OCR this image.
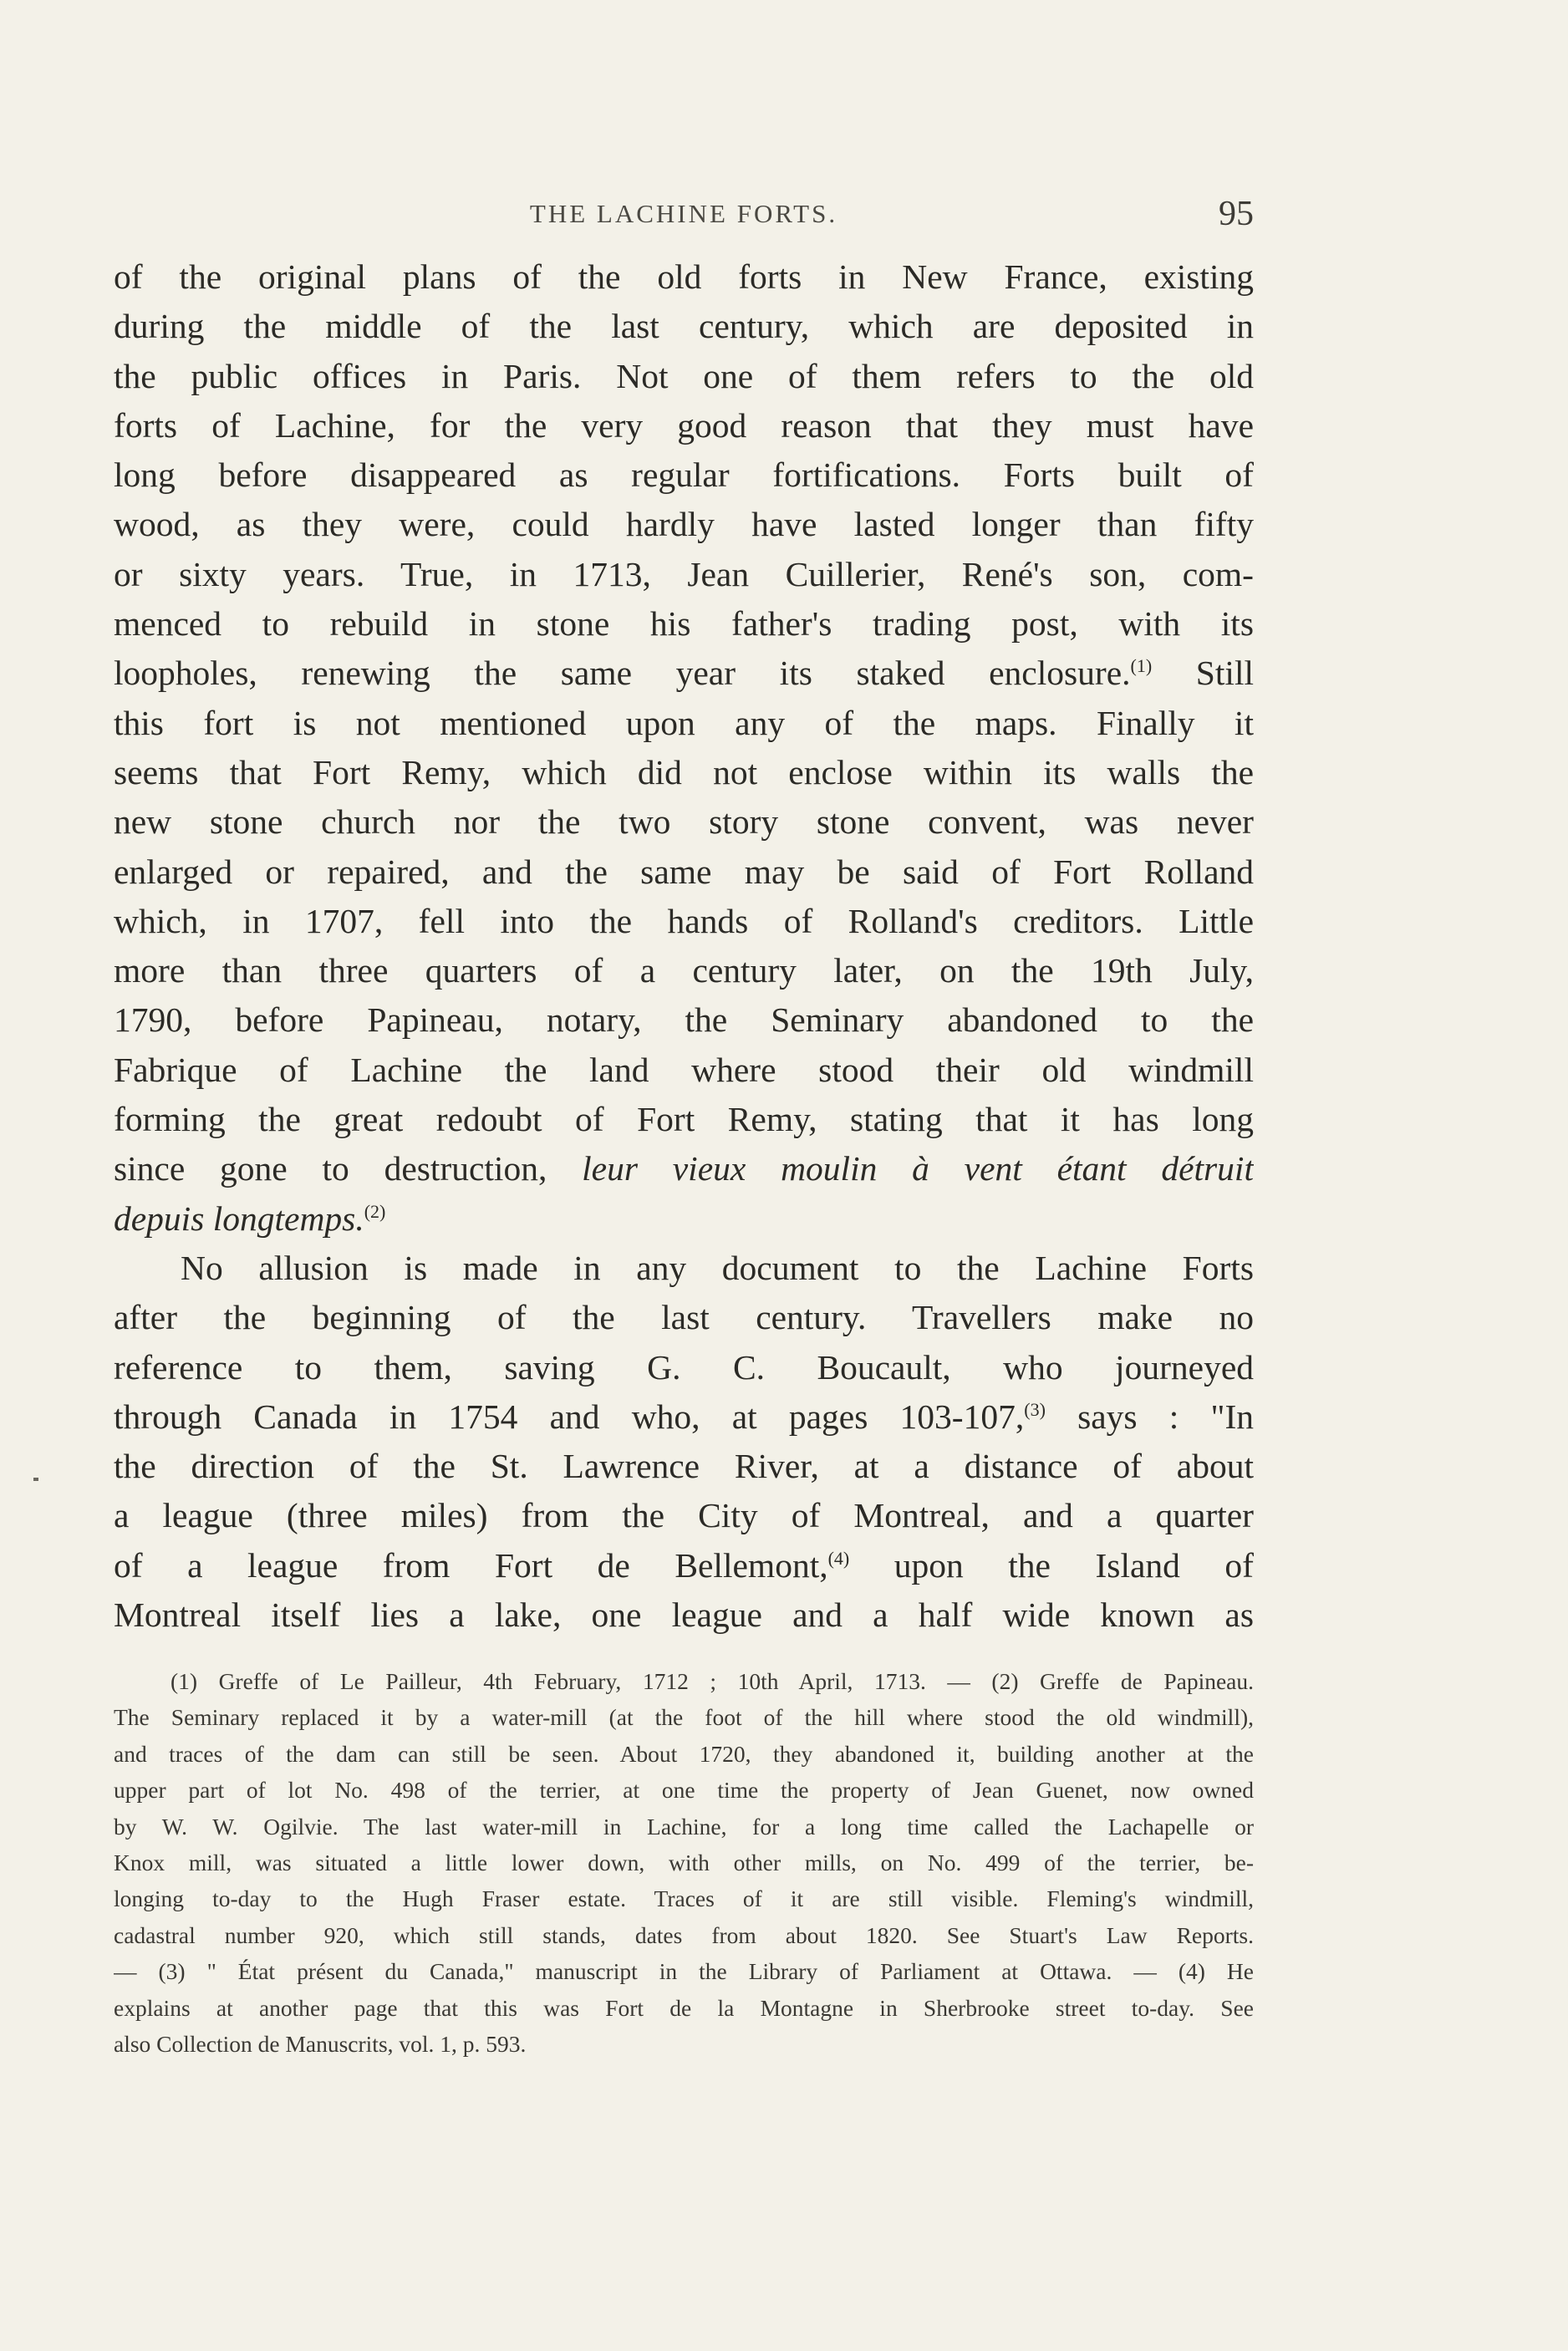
THE LACHINE FORTS.	95
of the original plans of the old forts in New France, existing
during the middle of the last century, which are deposited in
the public offices in Paris. Not one of them refers to the old
forts of Lachine, for the very good reason that they must have
long before disappeared as regular fortifications. Forts built of
wood, as they were, could hardly have lasted longer than fifty
or sixty years. True, in 1713, Jean Cuillerier, René's son, com-
menced to rebuild in stone his father's trading post, with its
loopholes, renewing the same year its staked enclosure.$^{(1)}$ Still
this fort is not mentioned upon any of the maps. Finally it
seems that Fort Remy, which did not enclose within its walls the
new stone church nor the two story stone convent, was never
enlarged or repaired, and the same may be said of Fort Rolland
which, in 1707, fell into the hands of Rolland's creditors. Little
more than three quarters of a century later, on the 19th July,
1790, before Papineau, notary, the Seminary abandoned to the
Fabrique of Lachine the land where stood their old windmill
forming the great redoubt of Fort Remy, stating that it has long
since gone to destruction, leur vieux moulin à vent étant détruit
depuis longtemps.$^{(2)}$
No allusion is made in any document to the Lachine Forts
after the beginning of the last century. Travellers make no
reference to them, saving G. C. Boucault, who journeyed
through Canada in 1754 and who, at pages 103-107,$^{(3)}$ says : "In
the direction of the St. Lawrence River, at a distance of about
a league (three miles) from the City of Montreal, and a quarter
of a league from Fort de Bellemont,$^{(4)}$ upon the Island of
Montreal itself lies a lake, one league and a half wide known as
(1) Greffe of Le Pailleur, 4th February, 1712 ; 10th April, 1713. — (2) Greffe de Papineau.
The Seminary replaced it by a water-mill (at the foot of the hill where stood the old windmill),
and traces of the dam can still be seen. About 1720, they abandoned it, building another at the
upper part of lot No. 498 of the terrier, at one time the property of Jean Guenet, now owned
by W. W. Ogilvie. The last water-mill in Lachine, for a long time called the Lachapelle or
Knox mill, was situated a little lower down, with other mills, on No. 499 of the terrier, be-
longing to-day to the Hugh Fraser estate. Traces of it are still visible. Fleming's windmill,
cadastral number 920, which still stands, dates from about 1820. See Stuart's Law Reports.
— (3) " État présent du Canada," manuscript in the Library of Parliament at Ottawa. — (4) He
explains at another page that this was Fort de la Montagne in Sherbrooke street to-day. See
also Collection de Manuscrits, vol. 1, p. 593.
